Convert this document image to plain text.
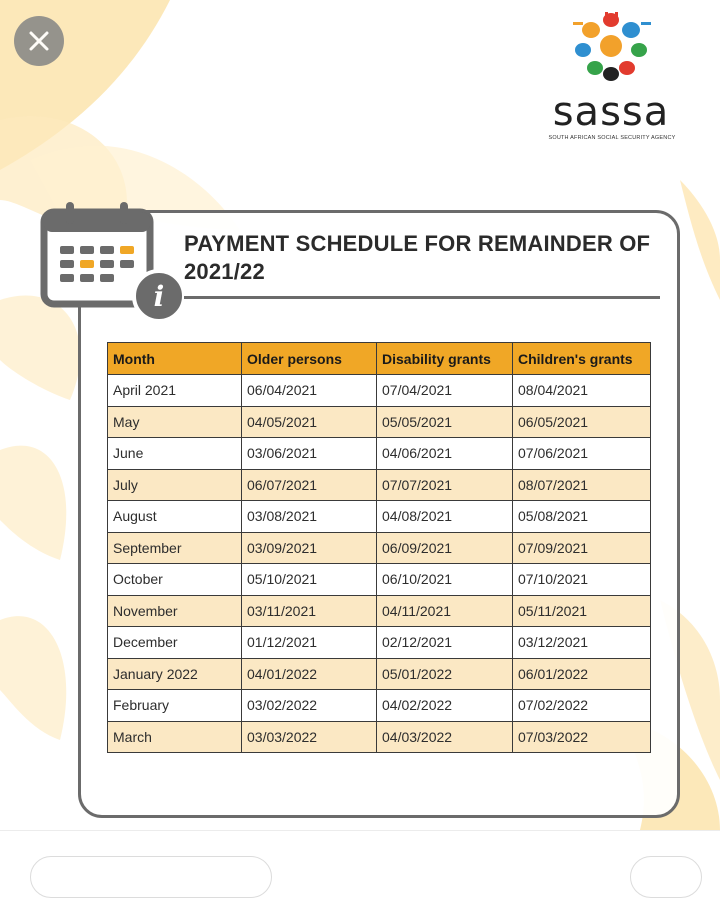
sassa
SOUTH AFRICAN SOCIAL SECURITY AGENCY
i
PAYMENT SCHEDULE FOR REMAINDER OF 2021/22
Month	Older persons	Disability grants	Children's grants
April 2021	06/04/2021	07/04/2021	08/04/2021
May	04/05/2021	05/05/2021	06/05/2021
June	03/06/2021	04/06/2021	07/06/2021
July	06/07/2021	07/07/2021	08/07/2021
August	03/08/2021	04/08/2021	05/08/2021
September	03/09/2021	06/09/2021	07/09/2021
October	05/10/2021	06/10/2021	07/10/2021
November	03/11/2021	04/11/2021	05/11/2021
December	01/12/2021	02/12/2021	03/12/2021
January 2022	04/01/2022	05/01/2022	06/01/2022
February	03/02/2022	04/02/2022	07/02/2022
March	03/03/2022	04/03/2022	07/03/2022
